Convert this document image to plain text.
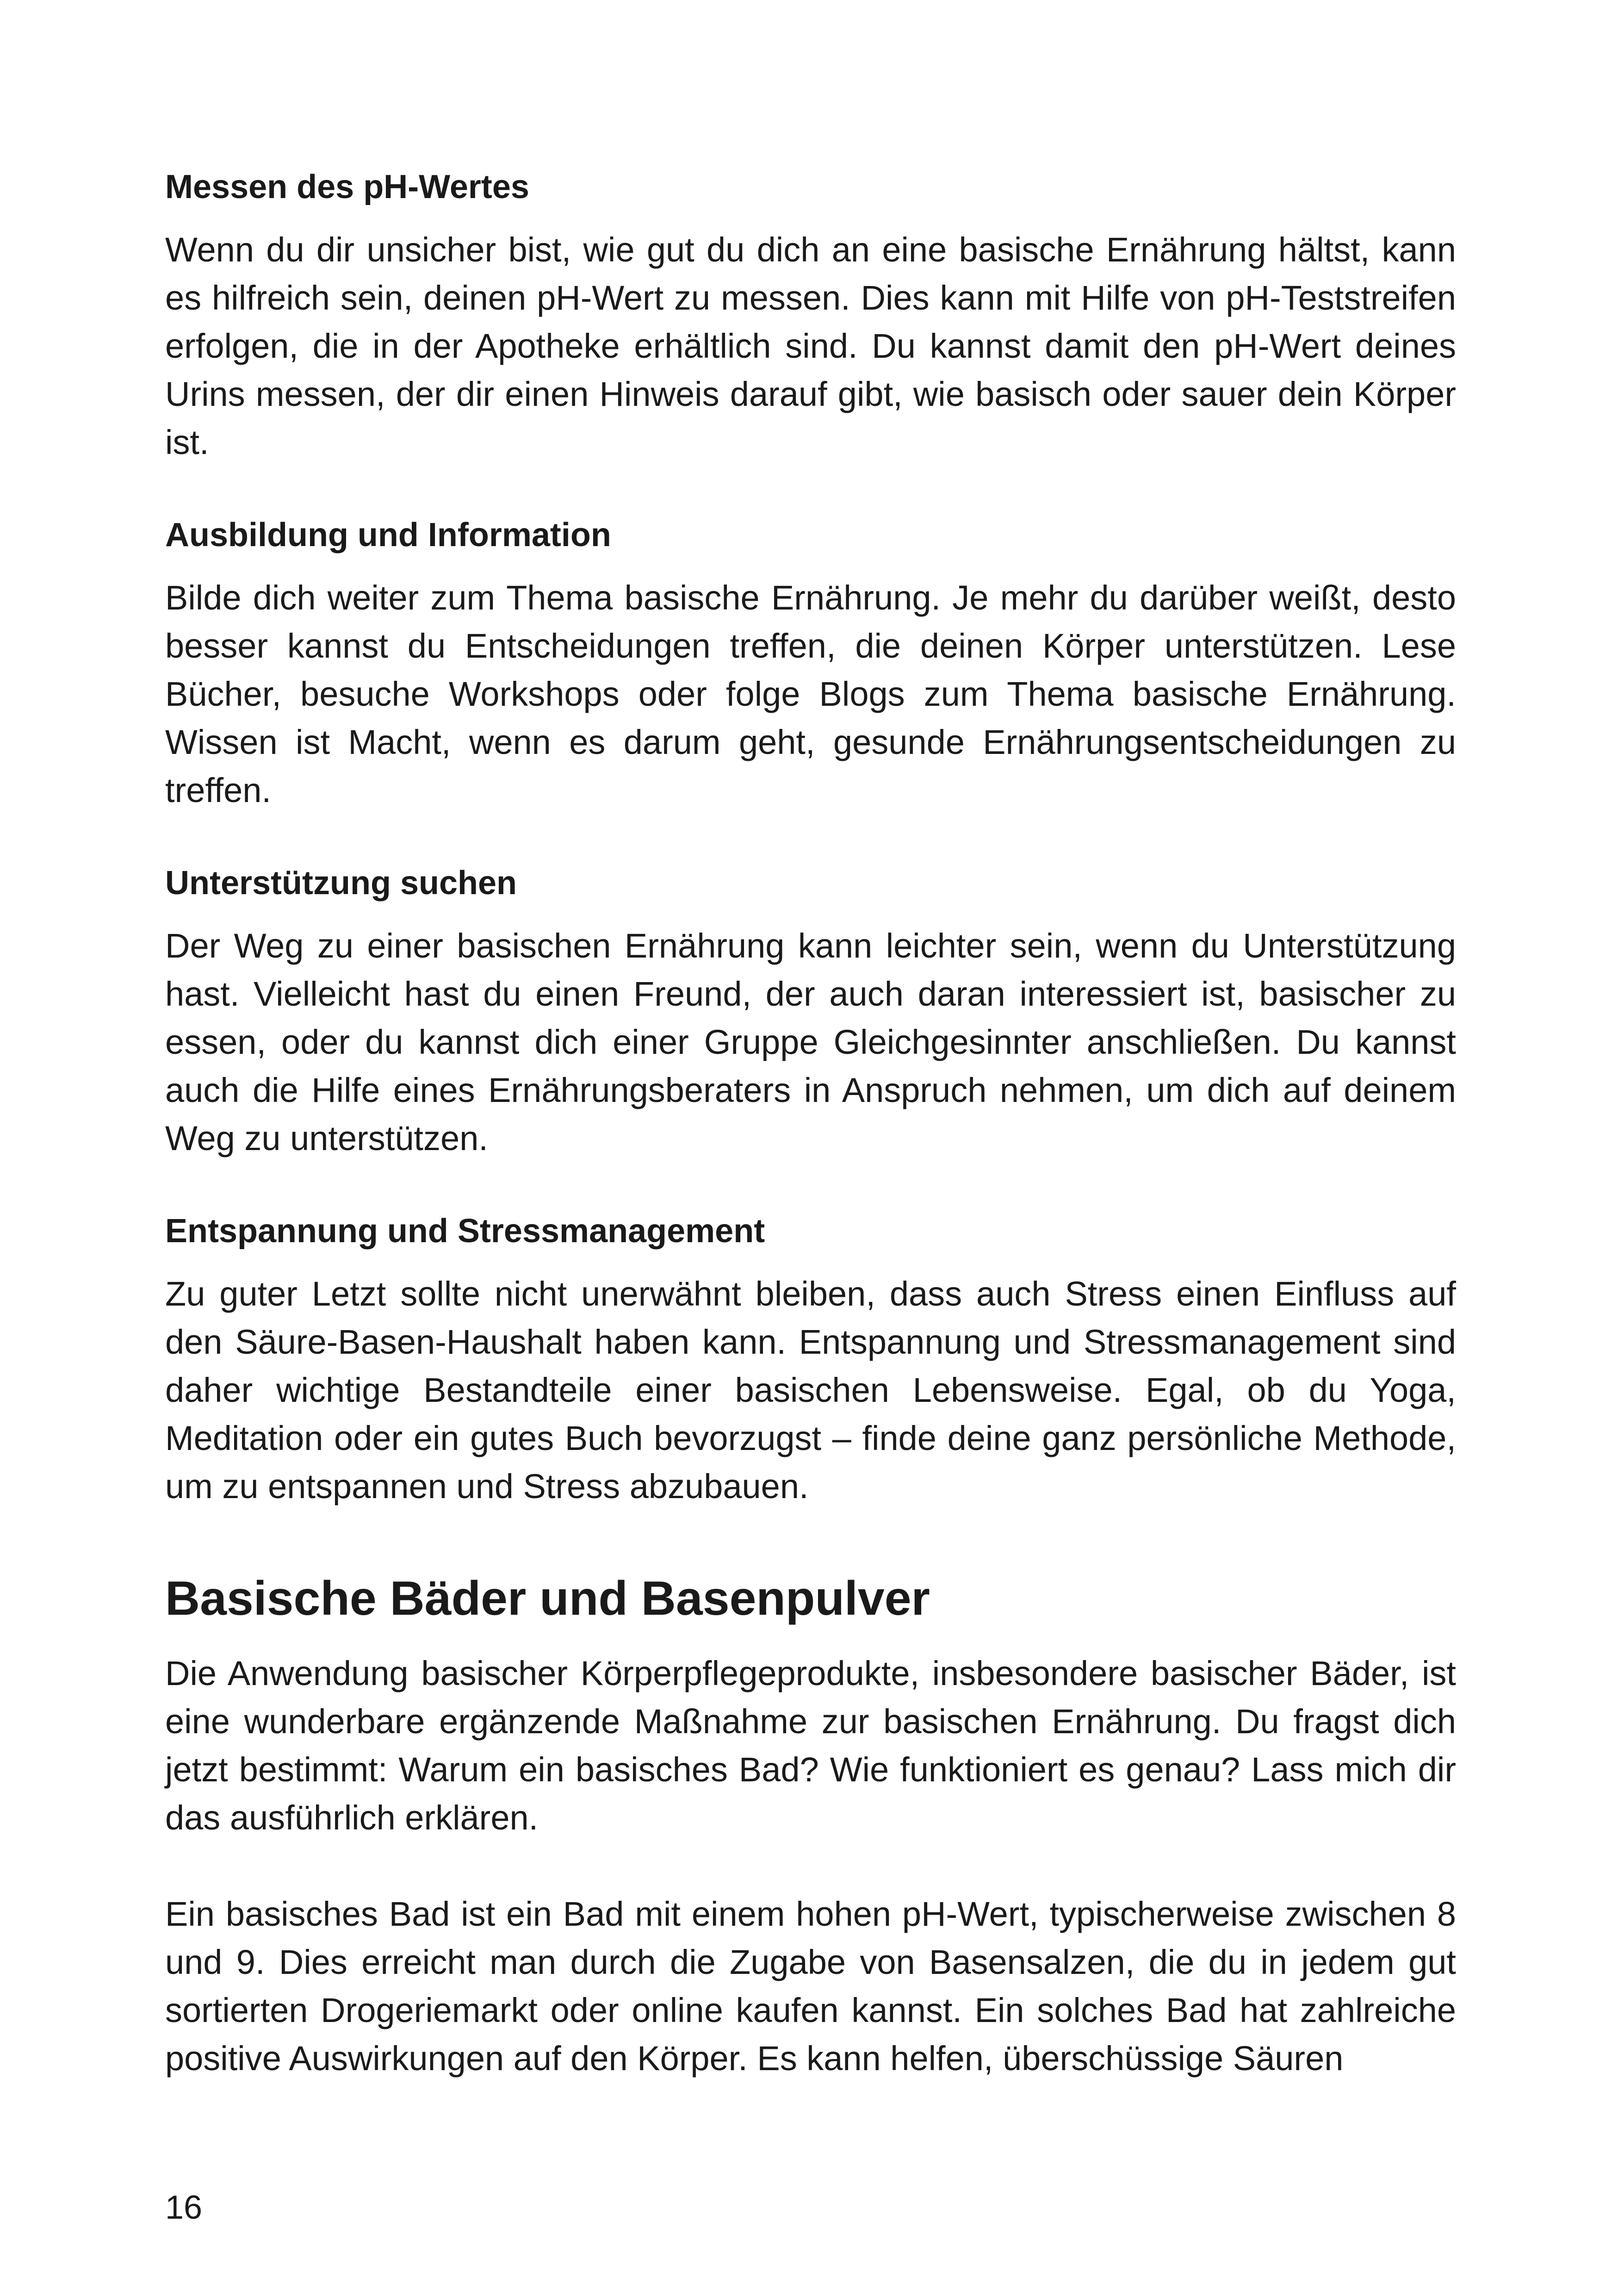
Messen des pH-Wertes

Wenn du dir unsicher bist, wie gut du dich an eine basische Ernährung hältst, kann es hilfreich sein, deinen pH-Wert zu messen. Dies kann mit Hilfe von pH-Teststreifen erfolgen, die in der Apotheke erhältlich sind. Du kannst damit den pH-Wert deines Urins messen, der dir einen Hinweis darauf gibt, wie basisch oder sauer dein Körper ist.

Ausbildung und Information

Bilde dich weiter zum Thema basische Ernährung. Je mehr du darüber weißt, desto besser kannst du Entscheidungen treffen, die deinen Körper unterstützen. Lese Bücher, besuche Workshops oder folge Blogs zum Thema basische Ernährung. Wissen ist Macht, wenn es darum geht, gesunde Ernährungsentscheidungen zu treffen.

Unterstützung suchen

Der Weg zu einer basischen Ernährung kann leichter sein, wenn du Unterstützung hast. Vielleicht hast du einen Freund, der auch daran interessiert ist, basischer zu essen, oder du kannst dich einer Gruppe Gleichgesinnter anschließen. Du kannst auch die Hilfe eines Ernährungsberaters in Anspruch nehmen, um dich auf deinem Weg zu unterstützen.

Entspannung und Stressmanagement

Zu guter Letzt sollte nicht unerwähnt bleiben, dass auch Stress einen Einfluss auf den Säure-Basen-Haushalt haben kann. Entspannung und Stressmanagement sind daher wichtige Bestandteile einer basischen Lebensweise. Egal, ob du Yoga, Meditation oder ein gutes Buch bevorzugst – finde deine ganz persönliche Methode, um zu entspannen und Stress abzubauen.

Basische Bäder und Basenpulver

Die Anwendung basischer Körperpflegeprodukte, insbesondere basischer Bäder, ist eine wunderbare ergänzende Maßnahme zur basischen Ernährung. Du fragst dich jetzt bestimmt: Warum ein basisches Bad? Wie funktioniert es genau? Lass mich dir das ausführlich erklären.

Ein basisches Bad ist ein Bad mit einem hohen pH-Wert, typischerweise zwischen 8 und 9. Dies erreicht man durch die Zugabe von Basensalzen, die du in jedem gut sortierten Drogeriemarkt oder online kaufen kannst. Ein solches Bad hat zahlreiche positive Auswirkungen auf den Körper. Es kann helfen, überschüssige Säuren

16
